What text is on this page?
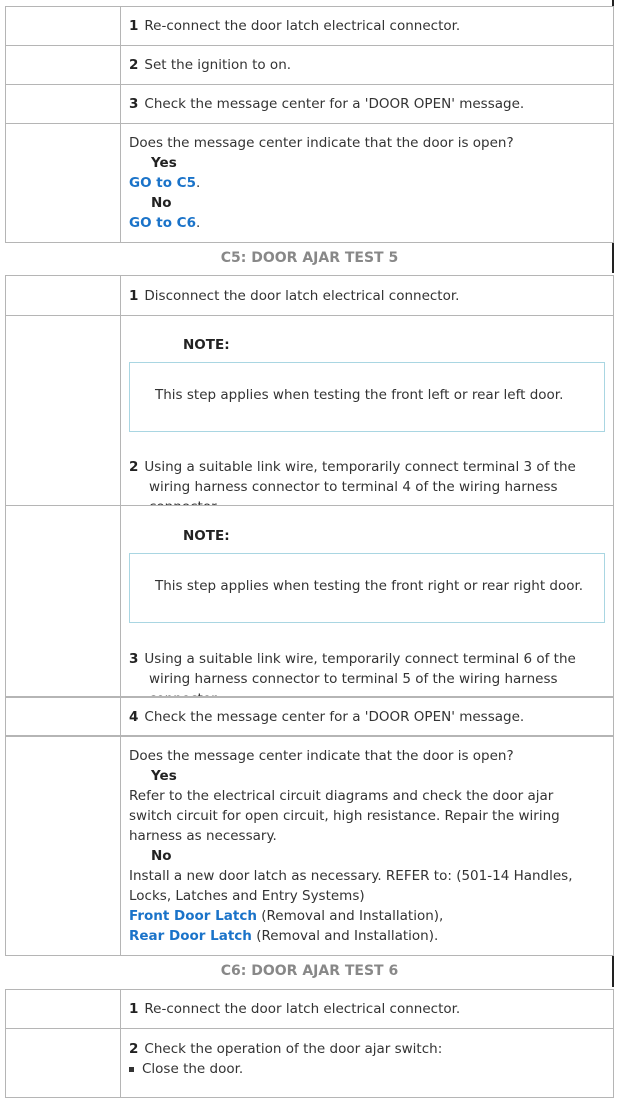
1 Re-connect the door latch electrical connector.
2 Set the ignition to on.
3 Check the message center for a 'DOOR OPEN' message.
Does the message center indicate that the door is open?
Yes
GO to C5.
No
GO to C6.
C5: DOOR AJAR TEST 5
1 Disconnect the door latch electrical connector.
NOTE:
This step applies when testing the front left or rear left door.
2 Using a suitable link wire, temporarily connect terminal 3 of the wiring harness connector to terminal 4 of the wiring harness
NOTE:
This step applies when testing the front right or rear right door.
3 Using a suitable link wire, temporarily connect terminal 6 of the wiring harness connector to terminal 5 of the wiring harness
4 Check the message center for a 'DOOR OPEN' message.
Does the message center indicate that the door is open?
Yes
Refer to the electrical circuit diagrams and check the door ajar switch circuit for open circuit, high resistance. Repair the wiring harness as necessary.
No
Install a new door latch as necessary. REFER to: (501-14 Handles, Locks, Latches and Entry Systems)
Front Door Latch (Removal and Installation),
Rear Door Latch (Removal and Installation).
C6: DOOR AJAR TEST 6
1 Re-connect the door latch electrical connector.
2 Check the operation of the door ajar switch:
Close the door.
